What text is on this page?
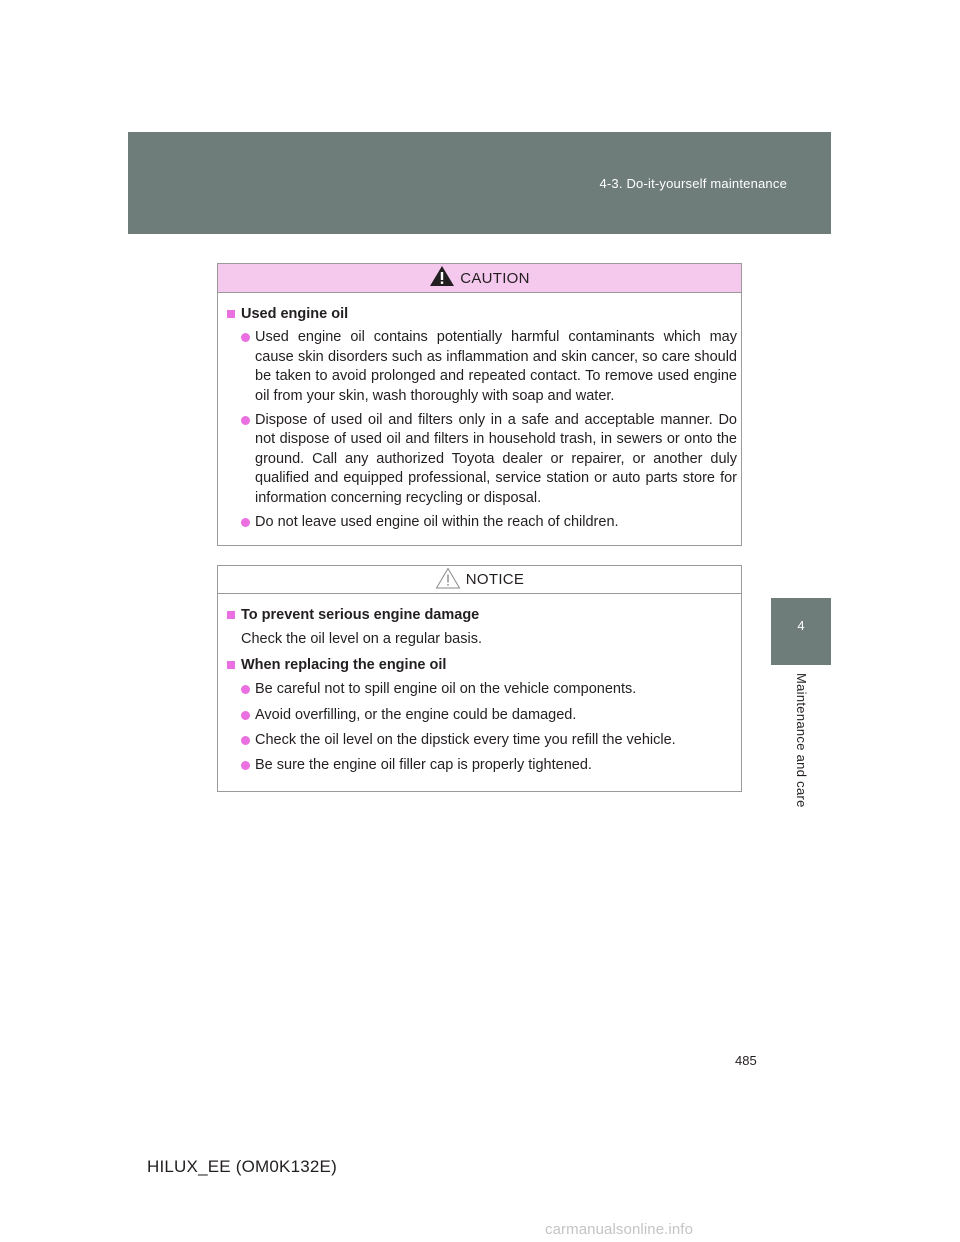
4-3. Do-it-yourself maintenance
4
Maintenance and care
CAUTION
Used engine oil
Used engine oil contains potentially harmful contaminants which may cause skin disorders such as inflammation and skin cancer, so care should be taken to avoid prolonged and repeated contact. To remove used engine oil from your skin, wash thoroughly with soap and water.
Dispose of used oil and filters only in a safe and acceptable manner. Do not dispose of used oil and filters in household trash, in sewers or onto the ground. Call any authorized Toyota dealer or repairer, or another duly qualified and equipped professional, service station or auto parts store for information concerning recycling or disposal.
Do not leave used engine oil within the reach of children.
NOTICE
To prevent serious engine damage
Check the oil level on a regular basis.
When replacing the engine oil
Be careful not to spill engine oil on the vehicle components.
Avoid overfilling, or the engine could be damaged.
Check the oil level on the dipstick every time you refill the vehicle.
Be sure the engine oil filler cap is properly tightened.
485
HILUX_EE (OM0K132E)
carmanualsonline.info
